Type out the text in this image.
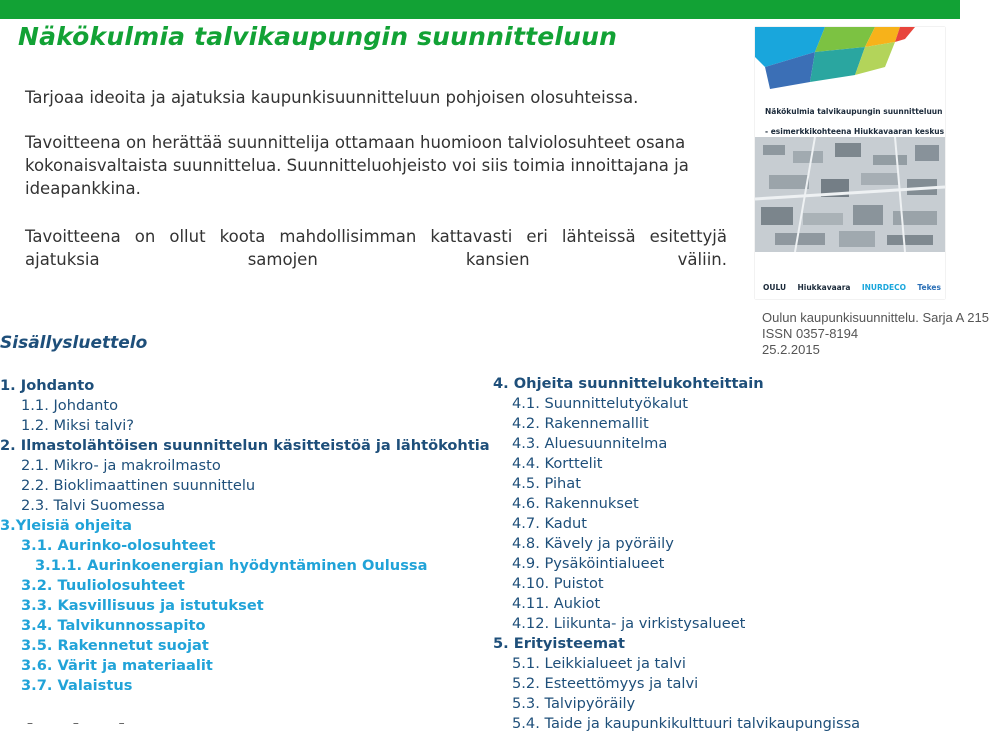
Näkökulmia talvikaupungin suunnitteluun

Tarjoaa ideoita ja ajatuksia kaupunkisuunnitteluun pohjoisen olosuhteissa.

Tavoitteena on herättää suunnittelija ottamaan huomioon talviolosuhteet osana kokonaisvaltaista suunnittelua. Suunnitteluohjeisto voi siis toimia innoittajana ja ideapankkina.

Tavoitteena on ollut koota mahdollisimman kattavasti eri lähteissä esitettyjä ajatuksia samojen kansien väliin.

Sisällysluettelo
1. Johdanto
1.1. Johdanto
1.2. Miksi talvi?
2. Ilmastolähtöisen suunnittelun käsitteistöä ja lähtökohtia
2.1. Mikro- ja makroilmasto
2.2. Bioklimaattinen suunnittelu
2.3. Talvi Suomessa
3.Yleisiä ohjeita
3.1. Aurinko-olosuhteet
3.1.1. Aurinkoenergian hyödyntäminen Oulussa
3.2. Tuuliolosuhteet
3.3. Kasvillisuus ja istutukset
3.4. Talvikunnossapito
3.5. Rakennetut suojat
3.6. Värit ja materiaalit
3.7. Valaistus
4. Ohjeita suunnittelukohteittain
4.1. Suunnittelutyökalut
4.2. Rakennemallit
4.3. Aluesuunnitelma
4.4. Korttelit
4.5. Pihat
4.6. Rakennukset
4.7. Kadut
4.8. Kävely ja pyöräily
4.9. Pysäköintialueet
4.10. Puistot
4.11. Aukiot
4.12. Liikunta- ja virkistysalueet
5. Erityisteemat
5.1. Leikkialueet ja talvi
5.2. Esteettömyys ja talvi
5.3. Talvipyöräily
5.4. Taide ja kaupunkikulttuuri talvikaupungissa
– – –
Näkökulmia talvikaupungin suunnitteluun
- esimerkkikohteena Hiukkavaaran keskus
OULU Hiukkavaara INURDECO Tekes
Oulun kaupunkisuunnittelu. Sarja A 215
ISSN 0357-8194
25.2.2015
